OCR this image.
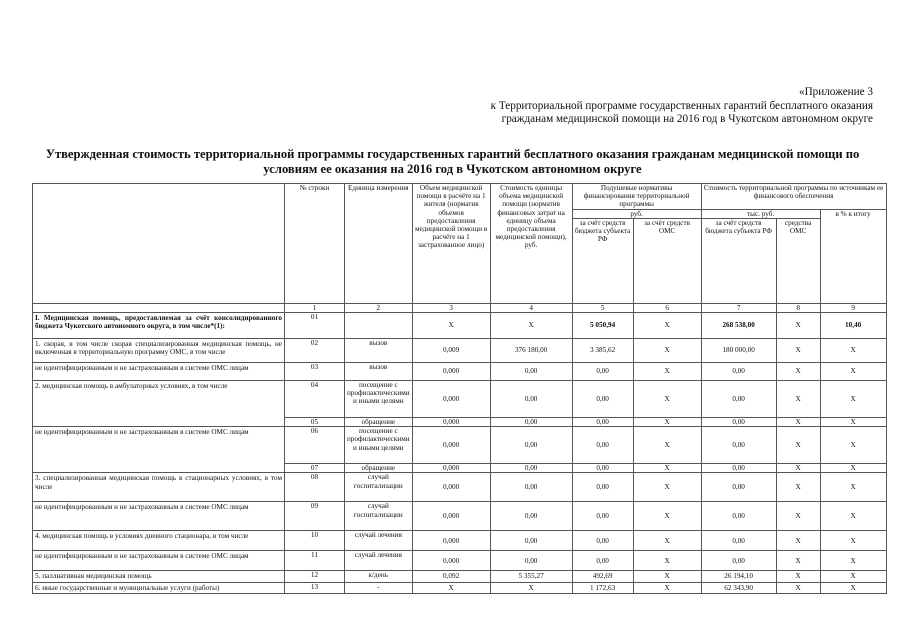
«Приложение 3
к Территориальной программе государственных гарантий бесплатного оказания
гражданам медицинской помощи на 2016 год в Чукотском автономном округе
Утвержденная стоимость территориальной программы государственных гарантий бесплатного оказания гражданам медицинской помощи по условиям ее оказания на 2016 год в Чукотском автономном округе
	№ строки	Единица измерения	Объем медицинской помощи в расчёте на 1 жителя (норматив объемов предоставления медицинской помощи в расчёте на 1 застрахованное лицо)	Стоимость единицы объема медицинской помощи (норматив финансовых затрат на единицу объема предоставления медицинской помощи), руб.	Подушевые нормативы финансирования территориальной программы		Стоимость территориальной программы по источникам ее финансового обеспечения		
					руб.		тыс. руб.		в % к итогу
					за счёт средств бюджета субъекта РФ	за счёт средств ОМС	за счёт средств бюджета субъекта РФ	средства ОМС	
	1	2	3	4	5	6	7	8	9
I. Медицинская помощь, предоставляемая за счёт консолидированного бюджета Чукотского автономного округа, в том числе*(1):	01		Х	Х	5 050,94	Х	268 538,00	Х	10,40
1. скорая, в том числе скорая специализированная медицинская помощь, не включенная в территориальную программу ОМС, в том числе	02	вызов	0,009	376 180,00	3 385,62	Х	180 000,00	Х	Х
не идентифицированным и не застрахованным в системе ОМС лицам	03	вызов	0,000	0,00	0,00	Х	0,00	Х	Х
2. медицинская помощь в амбулаторных условиях, в том числе	04	посещение с профилактическими и иными целями	0,000	0,00	0,00	Х	0,00	Х	Х
	05	обращение	0,000	0,00	0,00	Х	0,00	Х	Х
не идентифицированным и не застрахованным в системе ОМС лицам	06	посещение с профилактическими и иными целями	0,000	0,00	0,00	Х	0,00	Х	Х
	07	обращение	0,000	0,00	0,00	Х	0,00	Х	Х
3. специализированная медицинская помощь в стационарных условиях, в том числе	08	случай госпитализации	0,000	0,00	0,00	Х	0,00	Х	Х
не идентифицированным и не застрахованным в системе ОМС лицам	09	случай госпитализации	0,000	0,00	0,00	Х	0,00	Х	Х
4. медицинская помощь в условиях дневного стационара, в том числе	10	случай лечения	0,000	0,00	0,00	Х	0,00	Х	Х
не идентифицированным и не застрахованным в системе ОМС лицам	11	случай лечения	0,000	0,00	0,00	Х	0,00	Х	Х
5. паллиативная медицинская помощь	12	к/день	0,092	5 355,27	492,69	Х	26 194,10	Х	Х
6. иные государственные и муниципальные услуги (работы)	13	-	Х	Х	1 172,63	Х	62 343,90	Х	Х
